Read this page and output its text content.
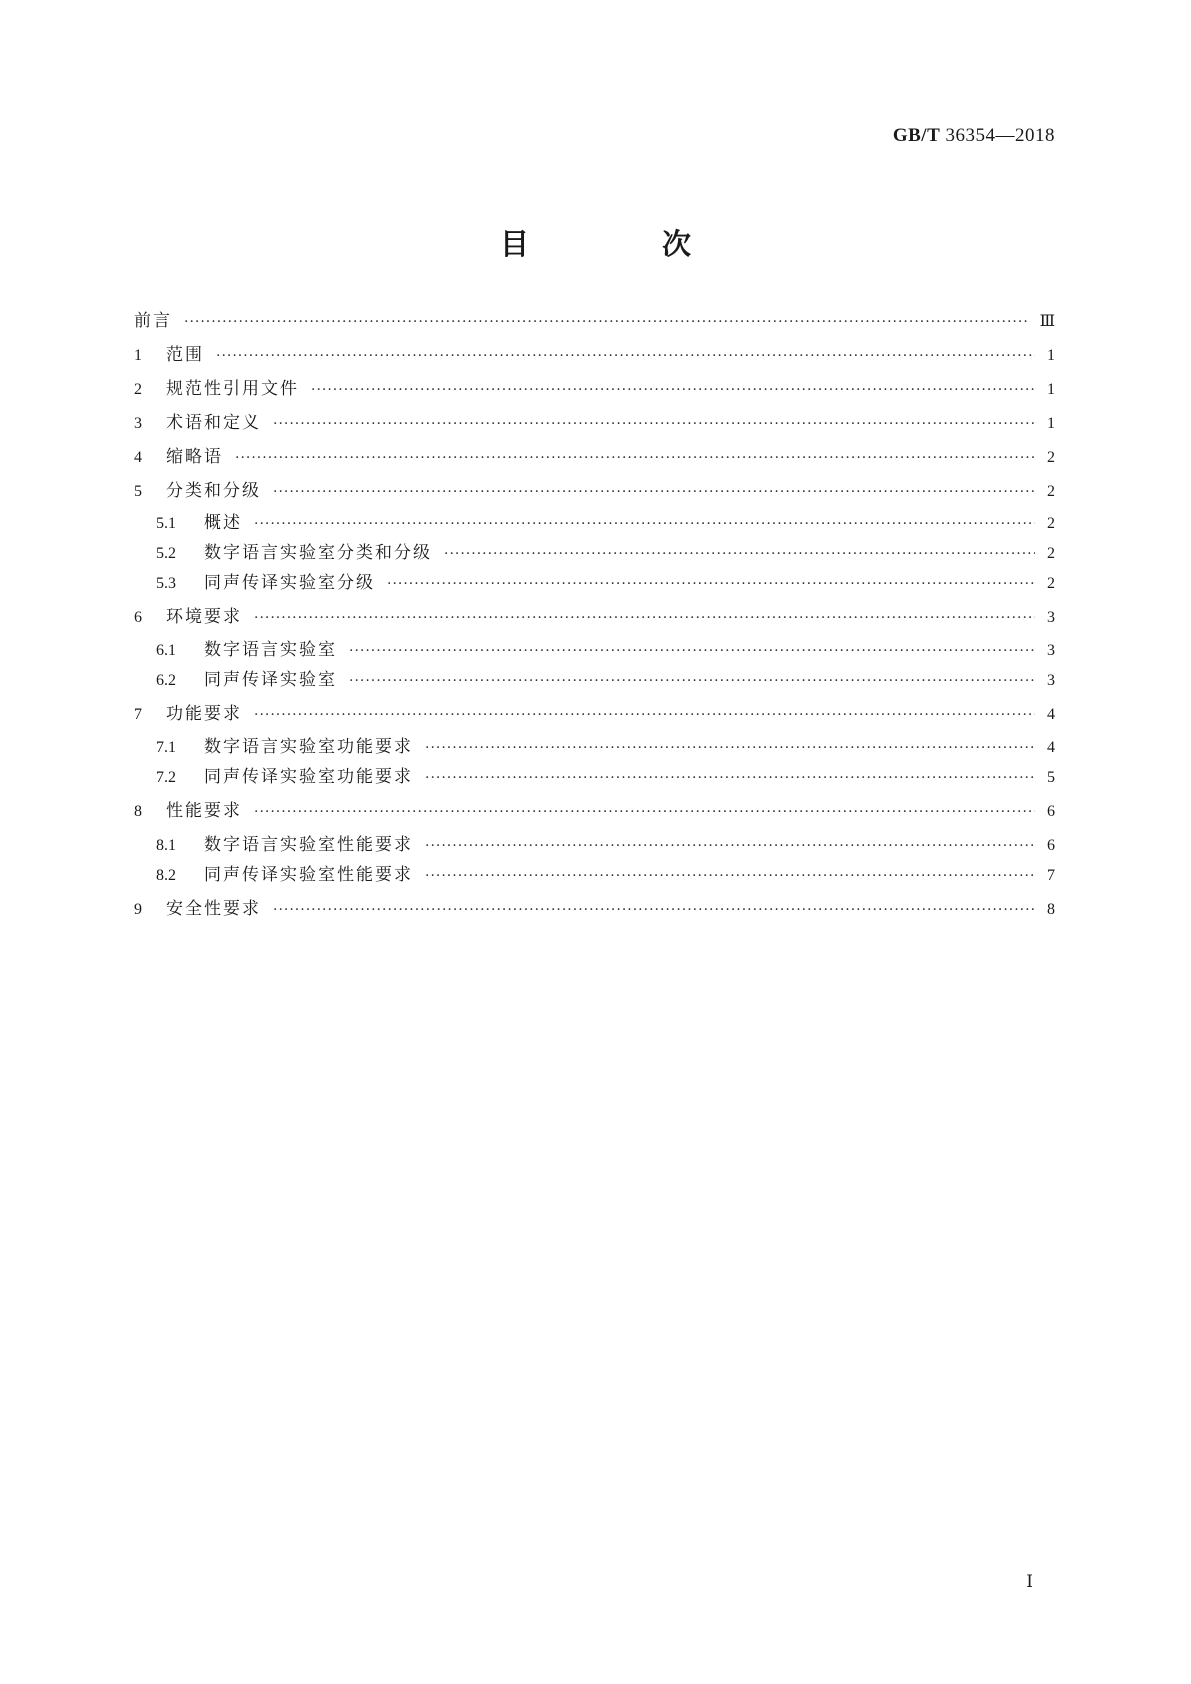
GB/T 36354—2018
目　次
前言 ·····	Ⅲ
1	范围 ·····	1
2	规范性引用文件 ·····	1
3	术语和定义 ·····	1
4	缩略语 ·····	2
5	分类和分级 ·····	2
5.1	概述 ·····	2
5.2	数字语言实验室分类和分级 ·····	2
5.3	同声传译实验室分级 ·····	2
6	环境要求 ·····	3
6.1	数字语言实验室 ·····	3
6.2	同声传译实验室 ·····	3
7	功能要求 ·····	4
7.1	数字语言实验室功能要求 ·····	4
7.2	同声传译实验室功能要求 ·····	5
8	性能要求 ·····	6
8.1	数字语言实验室性能要求 ·····	6
8.2	同声传译实验室性能要求 ·····	7
9	安全性要求 ·····	8
Ⅰ
